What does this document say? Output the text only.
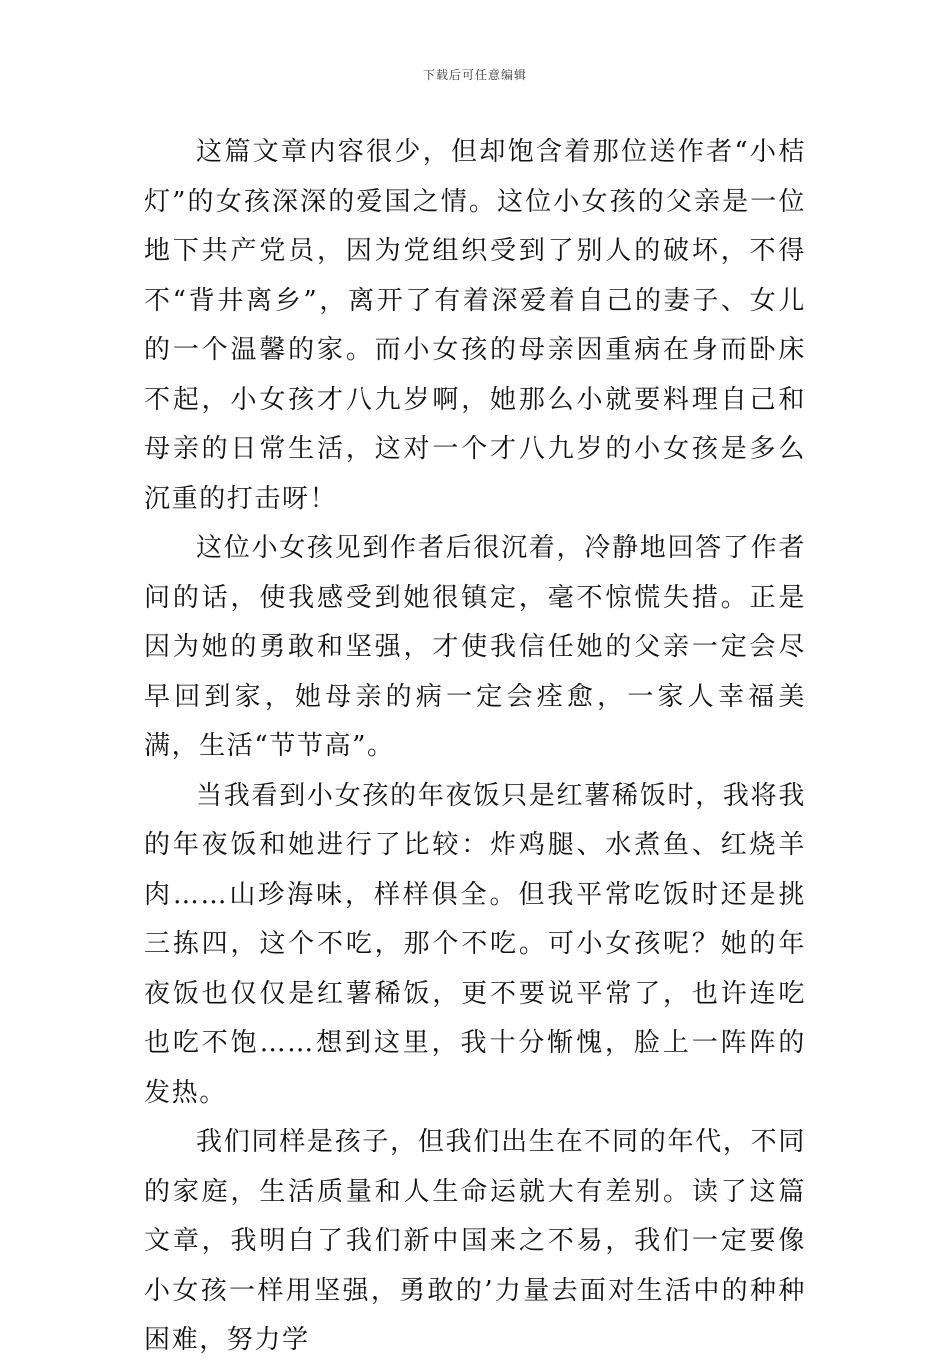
下载后可任意编辑

这篇文章内容很少，但却饱含着那位送作者“小桔灯”的女孩深深的爱国之情。这位小女孩的父亲是一位地下共产党员，因为党组织受到了别人的破坏，不得不“背井离乡”，离开了有着深爱着自己的妻子、女儿的一个温馨的家。而小女孩的母亲因重病在身而卧床不起，小女孩才八九岁啊，她那么小就要料理自己和母亲的日常生活，这对一个才八九岁的小女孩是多么沉重的打击呀！

这位小女孩见到作者后很沉着，冷静地回答了作者问的话，使我感受到她很镇定，毫不惊慌失措。正是因为她的勇敢和坚强，才使我信任她的父亲一定会尽早回到家，她母亲的病一定会痊愈，一家人幸福美满，生活“节节高”。

当我看到小女孩的年夜饭只是红薯稀饭时，我将我的年夜饭和她进行了比较：炸鸡腿、水煮鱼、红烧羊肉……山珍海味，样样俱全。但我平常吃饭时还是挑三拣四，这个不吃，那个不吃。可小女孩呢？她的年夜饭也仅仅是红薯稀饭，更不要说平常了，也许连吃也吃不饱……想到这里，我十分惭愧，脸上一阵阵的发热。

我们同样是孩子，但我们出生在不同的年代，不同的家庭，生活质量和人生命运就大有差别。读了这篇文章，我明白了我们新中国来之不易，我们一定要像小女孩一样用坚强，勇敢的’力量去面对生活中的种种困难，努力学
